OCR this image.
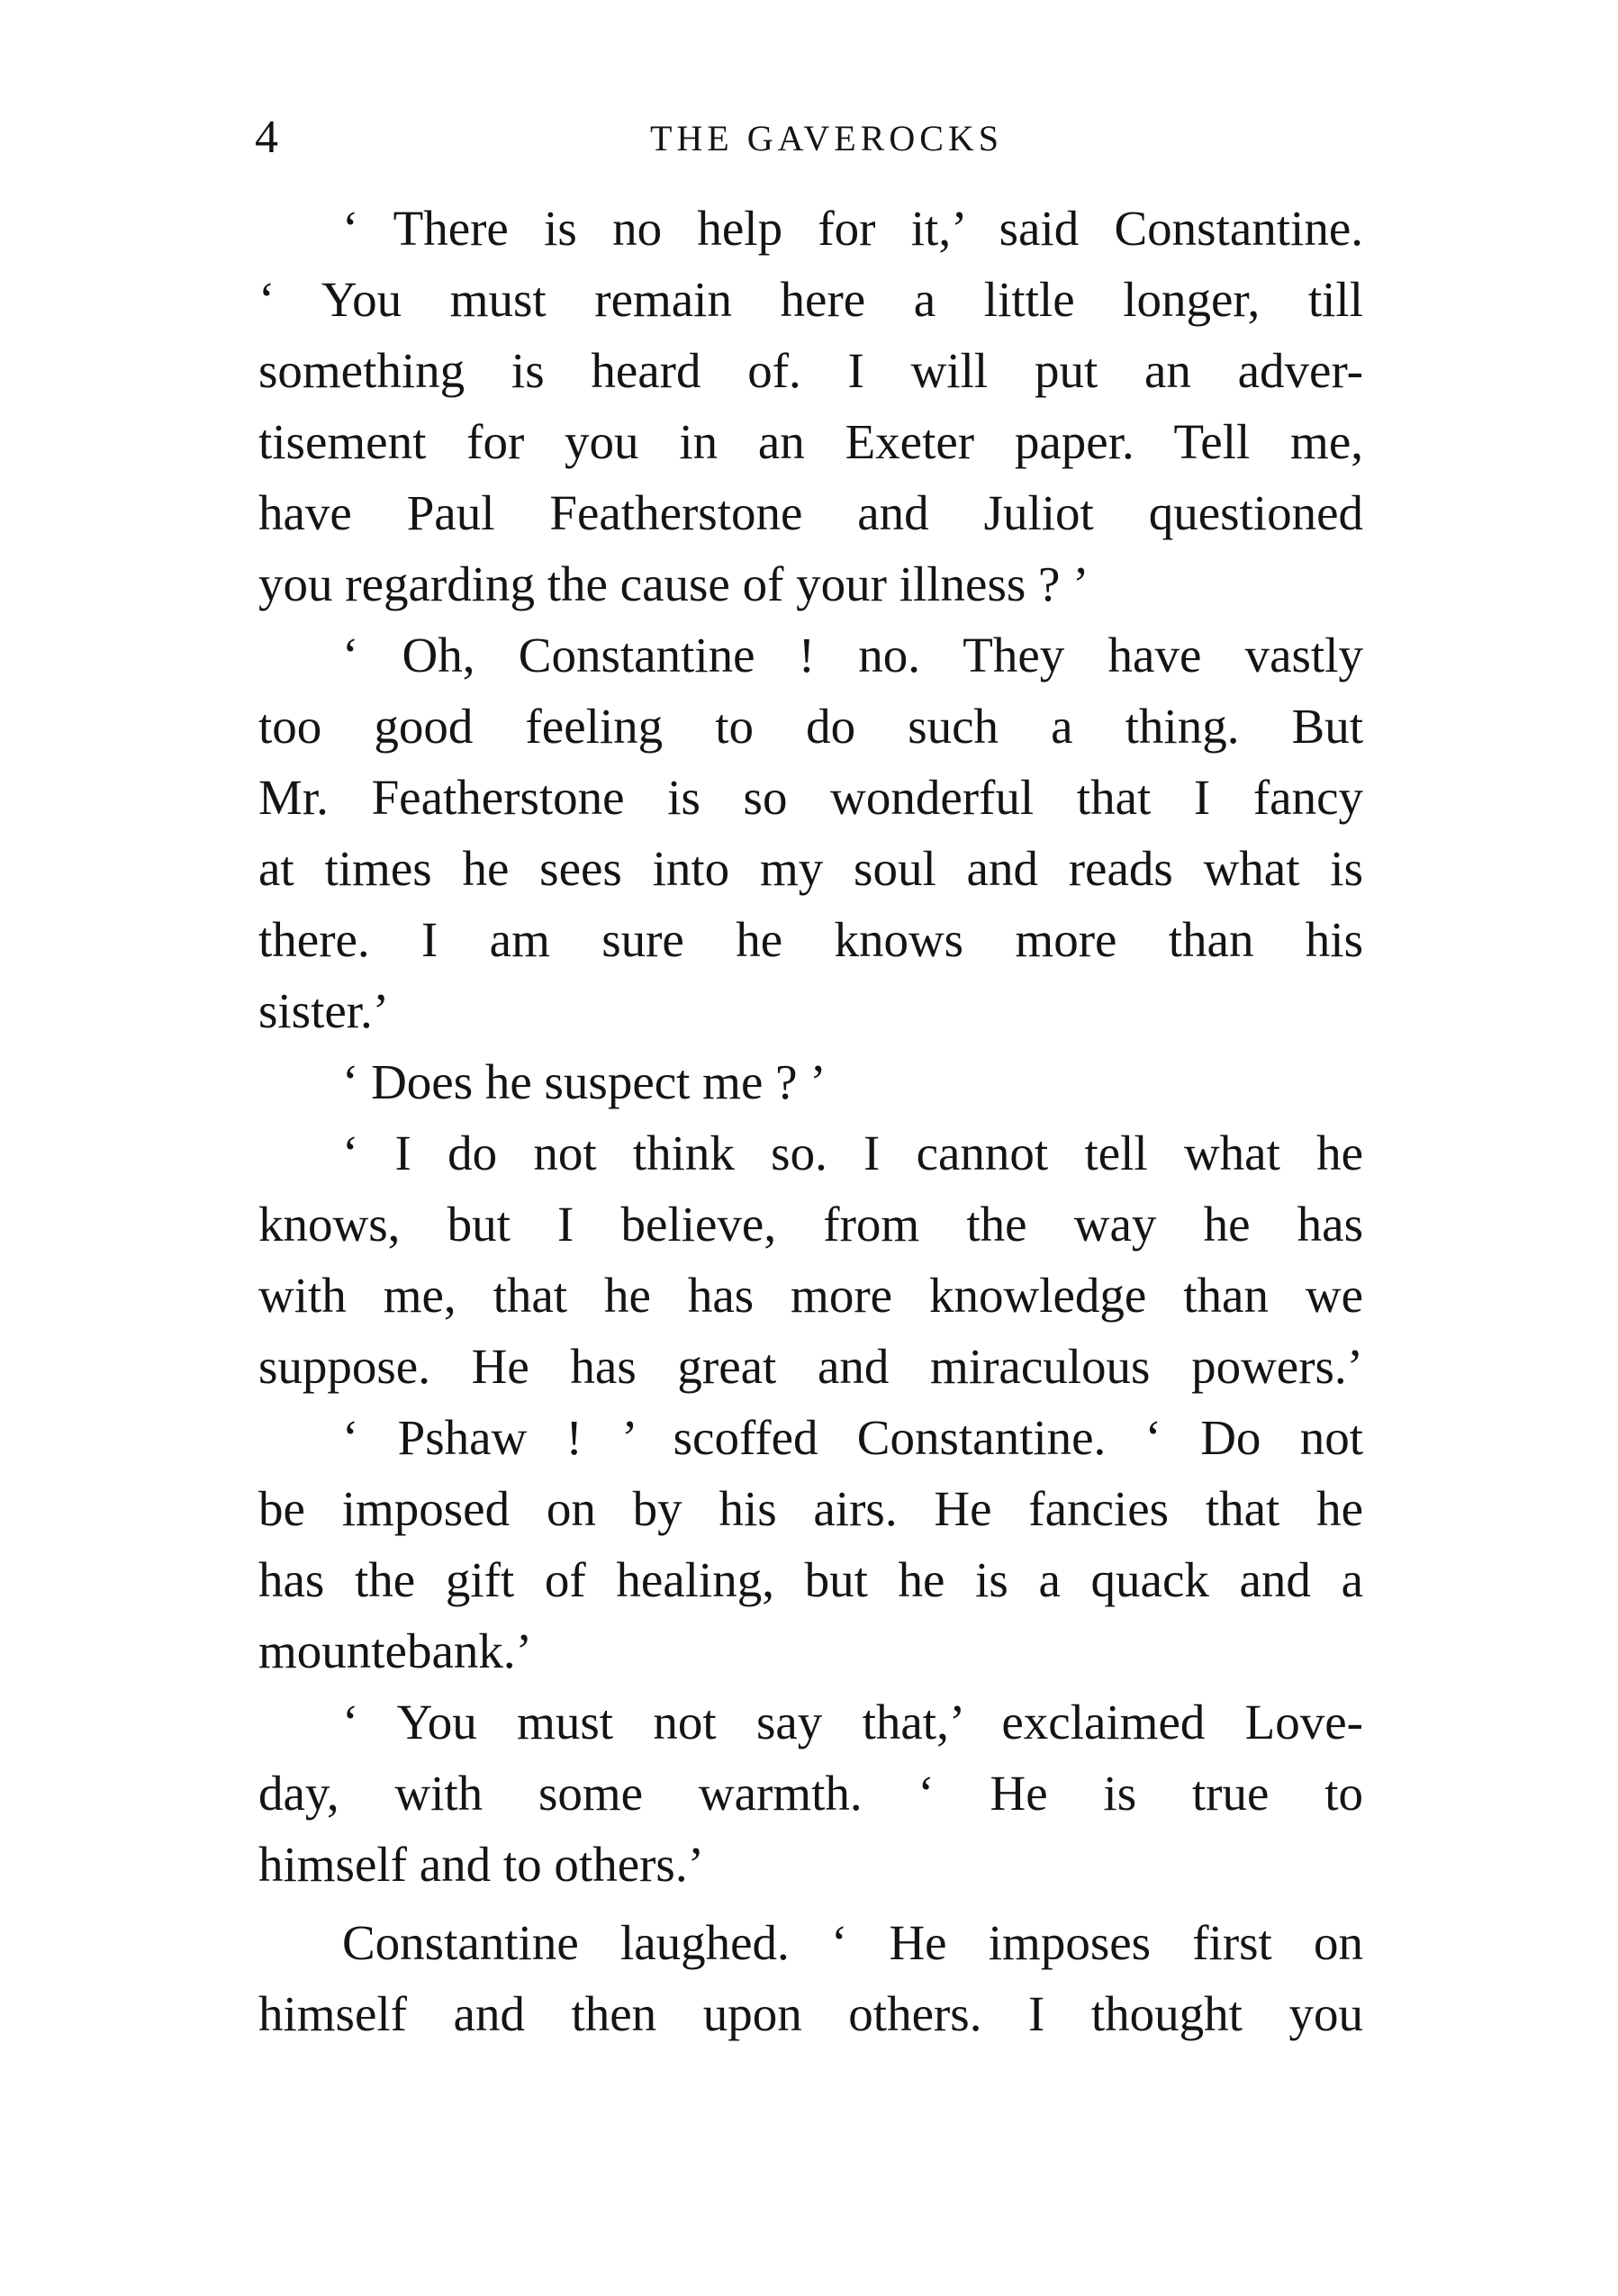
4	THE GAVEROCKS
‘ There is no help for it,’ said Constantine.
‘ You must remain here a little longer, till
something is heard of. I will put an adver-
tisement for you in an Exeter paper. Tell me,
have Paul Featherstone and Juliot questioned
you regarding the cause of your illness ? ’
‘ Oh, Constantine ! no. They have vastly
too good feeling to do such a thing. But
Mr. Featherstone is so wonderful that I fancy
at times he sees into my soul and reads what is
there. I am sure he knows more than his
sister.’
‘ Does he suspect me ? ’
‘ I do not think so. I cannot tell what he
knows, but I believe, from the way he has
with me, that he has more knowledge than we
suppose. He has great and miraculous powers.’
‘ Pshaw ! ’ scoffed Constantine. ‘ Do not
be imposed on by his airs. He fancies that he
has the gift of healing, but he is a quack and a
mountebank.’
‘ You must not say that,’ exclaimed Love-
day, with some warmth. ‘ He is true to
himself and to others.’
Constantine laughed. ‘ He imposes first on
himself and then upon others. I thought you
